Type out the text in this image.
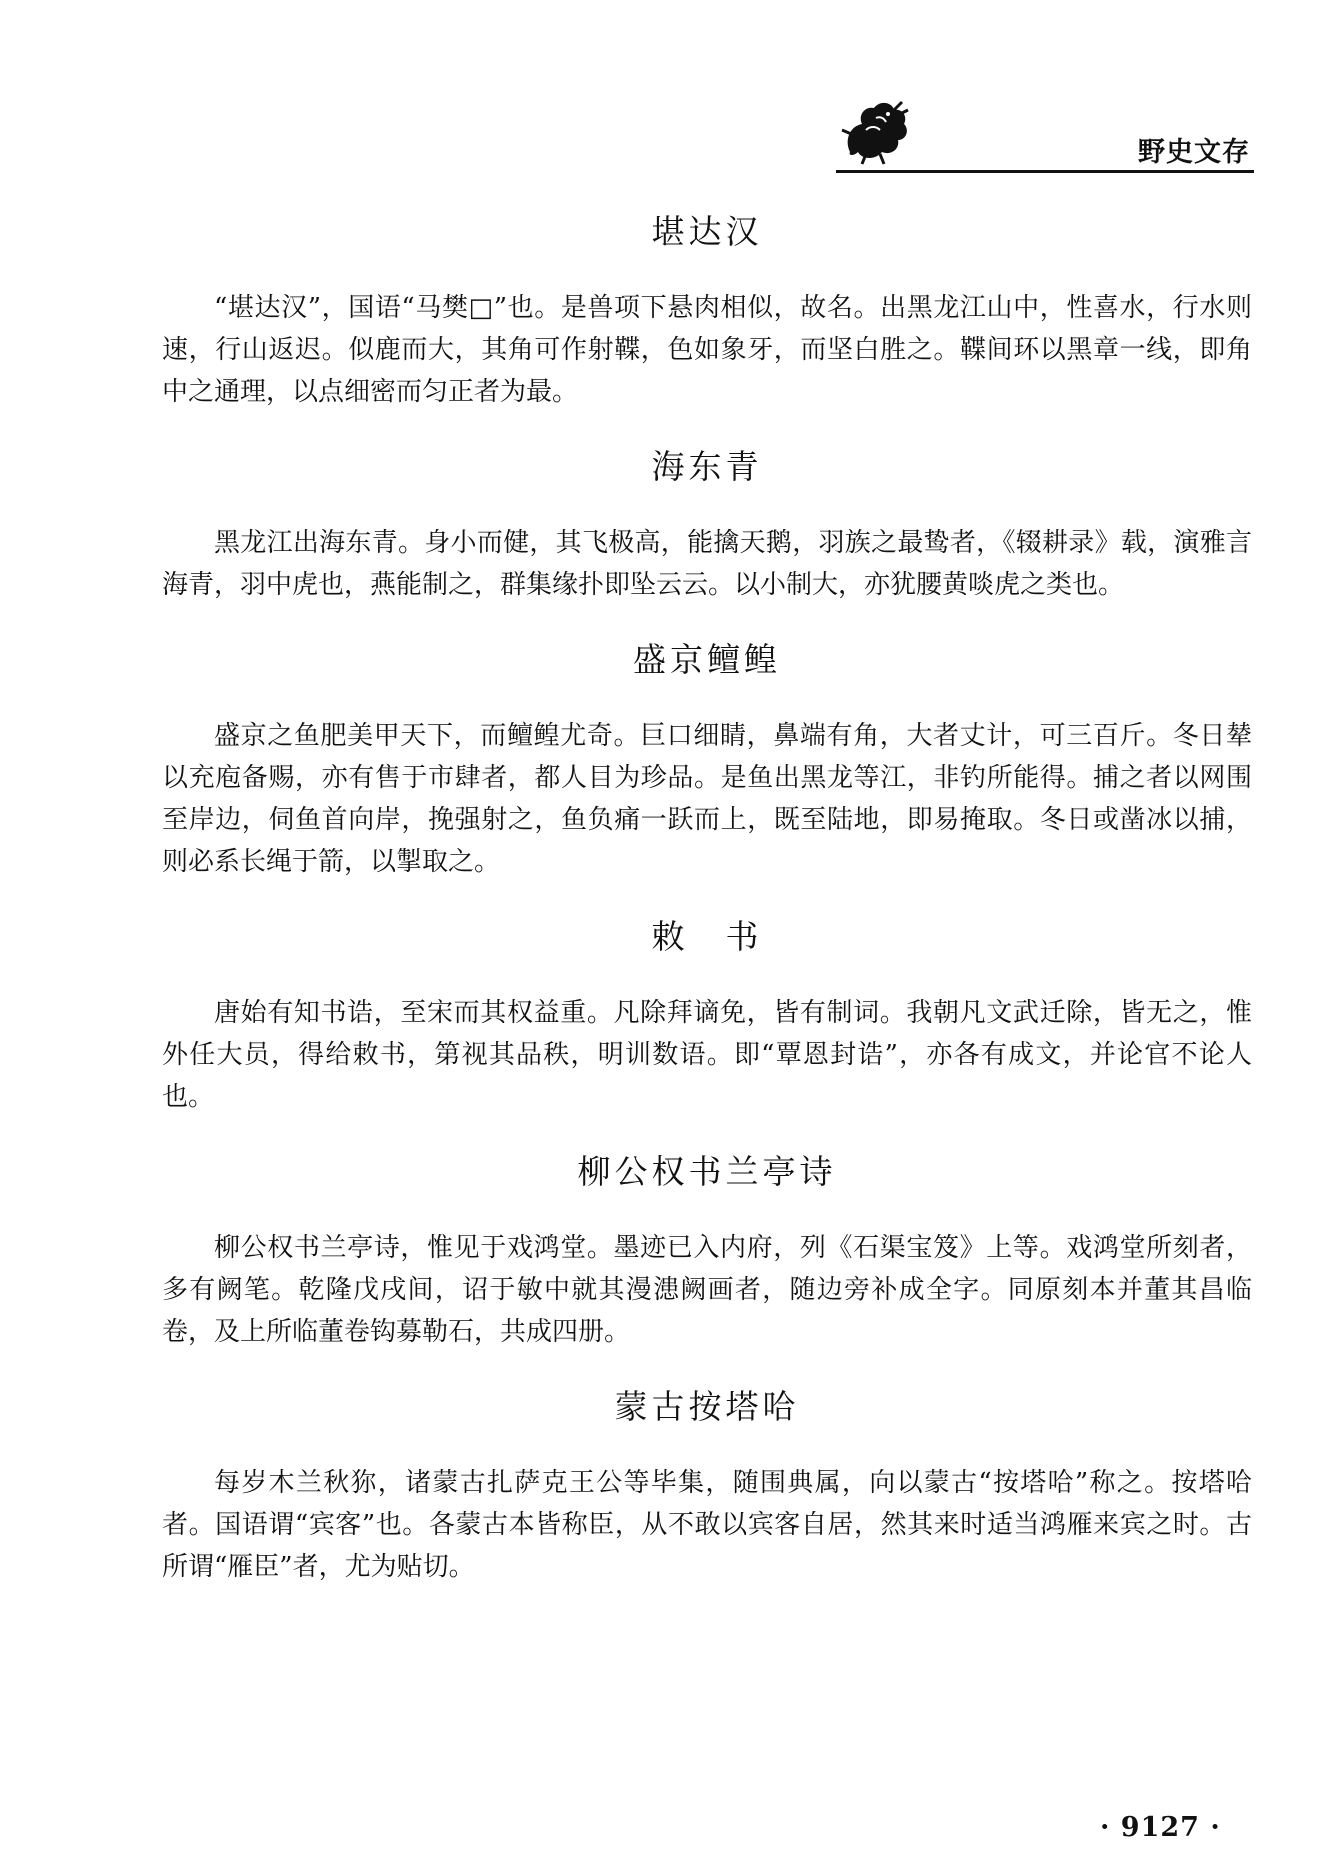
野史文存
堪达汉

“堪达汉”，国语“马樊□”也。是兽项下悬肉相似，故名。出黑龙江山中，性喜水，行水则速，行山返迟。似鹿而大，其角可作射鞢，色如象牙，而坚白胜之。鞢间环以黑章一线，即角中之通理，以点细密而匀正者为最。

海东青

黑龙江出海东青。身小而健，其飞极高，能擒天鹅，羽族之最鸷者，《辍耕录》载，演雅言海青，羽中虎也，燕能制之，群集缘扑即坠云云。以小制大，亦犹腰黄啖虎之类也。

盛京鳣鳇

盛京之鱼肥美甲天下，而鳣鳇尤奇。巨口细睛，鼻端有角，大者丈计，可三百斤。冬日辇以充庖备赐，亦有售于市肆者，都人目为珍品。是鱼出黑龙等江，非钓所能得。捕之者以网围至岸边，伺鱼首向岸，挽强射之，鱼负痛一跃而上，既至陆地，即易掩取。冬日或凿冰以捕，则必系长绳于箭，以掣取之。

敕　书

唐始有知书诰，至宋而其权益重。凡除拜谪免，皆有制词。我朝凡文武迁除，皆无之，惟外任大员，得给敕书，第视其品秩，明训数语。即“覃恩封诰”，亦各有成文，并论官不论人也。

柳公权书兰亭诗

柳公权书兰亭诗，惟见于戏鸿堂。墨迹已入内府，列《石渠宝笈》上等。戏鸿堂所刻者，多有阙笔。乾隆戊戌间，诏于敏中就其漫漶阙画者，随边旁补成全字。同原刻本并董其昌临卷，及上所临董卷钩募勒石，共成四册。

蒙古按塔哈

每岁木兰秋狝，诸蒙古扎萨克王公等毕集，随围典属，向以蒙古“按塔哈”称之。按塔哈者。国语谓“宾客”也。各蒙古本皆称臣，从不敢以宾客自居，然其来时适当鸿雁来宾之时。古所谓“雁臣”者，尤为贴切。

· 9127 ·
